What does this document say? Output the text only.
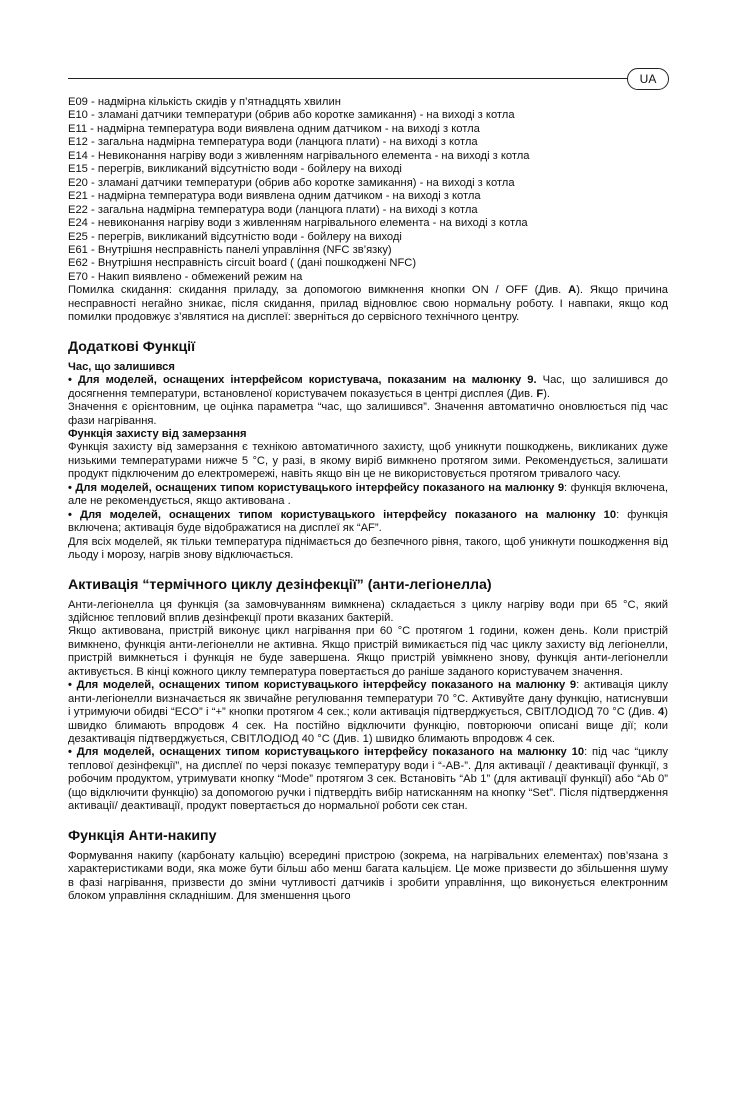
UA
E09 - надмірна кількість скидів у п’ятнадцять хвилин
E10 - зламані датчики температури (обрив або коротке замикання) - на виході з котла
E11 - надмірна температура води виявлена одним датчиком - на виході з котла
E12 - загальна надмірна температура води (ланцюга плати) - на виході з котла
E14 - Невиконання нагріву води з живленням нагрівального елемента - на виході з котла
E15 - перегрів, викликаний відсутністю води - бойлеру на виході
E20 - зламані датчики температури (обрив або коротке замикання) - на виході з котла
E21 - надмірна температура води виявлена одним датчиком - на виході з котла
E22 - загальна надмірна температура води (ланцюга плати) - на виході з котла
E24 - невиконання нагріву води з живленням нагрівального елемента - на виході з котла
E25 - перегрів, викликаний відсутністю води - бойлеру на виході
E61 - Внутрішня несправність панелі управління (NFC зв’язку)
E62 - Внутрішня несправність circuit board ( (дані пошкоджені NFC)
E70 - Накип виявлено - обмежений режим на

Помилка скидання: скидання приладу, за допомогою вимкнення кнопки ON / OFF (Див. A). Якщо причина несправності негайно зникає, після скидання, прилад відновлює свою нормальну роботу. І навпаки, якщо код помилки продовжує з’являтися на дисплеї: зверніться до сервісного технічного центру.

Додаткові Функції
Час, що залишився

• Для моделей, оснащених інтерфейсом користувача, показаним на малюнку 9. Час, що залишився до досягнення температури, встановленої користувачем показується в центрі дисплея (Див. F).

Значення є орієнтовним, це оцінка параметра “час, що залишився”. Значення автоматично оновлюється під час фази нагрівання.

Функція захисту від замерзання

Функція захисту від замерзання є технікою автоматичного захисту, щоб уникнути пошкоджень, викликаних дуже низькими температурами нижче 5 °C, у разі, в якому виріб вимкнено протягом зими. Рекомендується, залишати продукт підключеним до електромережі, навіть якщо він це не використовується протягом тривалого часу.

• Для моделей, оснащених типом користувацького інтерфейсу показаного на малюнку 9: функція включена, але не рекомендується, якщо активована .

• Для моделей, оснащених типом користувацького інтерфейсу показаного на малюнку 10: функція включена; активація буде відображатися на дисплеї як “AF”.

Для всіх моделей, як тільки температура піднімається до безпечного рівня, такого, щоб уникнути пошкодження від льоду і морозу, нагрів знову відключається.

Активація “термічного циклу дезінфекції” (анти-легіонелла)

Анти-легіонелла ця функція (за замовчуванням вимкнена) складається з циклу нагріву води при 65 °C, який здійснює тепловий вплив дезінфекції проти вказаних бактерій.

Якщо активована, пристрій виконує цикл нагрівання при 60 °C протягом 1 години, кожен день. Коли пристрій вимкнено, функція анти-легіонелли не активна. Якщо пристрій вимикається під час циклу захисту від легіонелли, пристрій вимкнеться і функція не буде завершена. Якщо пристрій увімкнено знову, функція анти-легіонелли активується. В кінці кожного циклу температура повертається до раніше заданого користувачем значення.

• Для моделей, оснащених типом користувацького інтерфейсу показаного на малюнку 9: активація циклу анти-легіонелли визначається як звичайне регулювання температури 70 °C. Активуйте дану функцію, натиснувши і утримуючи обидві “ECO” і “+” кнопки протягом 4 сек.; коли активація підтверджується, СВІТЛОДІОД 70 °C (Див. 4) швидко блимають впродовж 4 сек. На постійно відключити функцію, повторюючи описані вище дії; коли дезактивація підтверджується, СВІТЛОДІОД 40 °C (Див. 1) швидко блимають впродовж 4 сек.

• Для моделей, оснащених типом користувацького інтерфейсу показаного на малюнку 10: під час “циклу теплової дезінфекції”, на дисплеї по черзі показує температуру води і “-AB-”. Для активації / деактивації функції, з робочим продуктом, утримувати кнопку “Mode” протягом 3 сек. Встановіть “Ab 1” (для активації функції) або “Ab 0” (що відключити функцію) за допомогою ручки і підтвердіть вибір натисканням на кнопку “Set”. Після підтвердження активації/ деактивації, продукт повертається до нормальної роботи сек стан.

Функція Анти-накипу

Формування накипу (карбонату кальцію) всередині пристрою (зокрема, на нагрівальних елементах) пов’язана з характеристиками води, яка може бути більш або менш багата кальцієм. Це може призвести до збільшення шуму в фазі нагрівання, призвести до зміни чутливості датчиків і зробити управління, що виконується електронним блоком управління складнішим. Для зменшення цього
